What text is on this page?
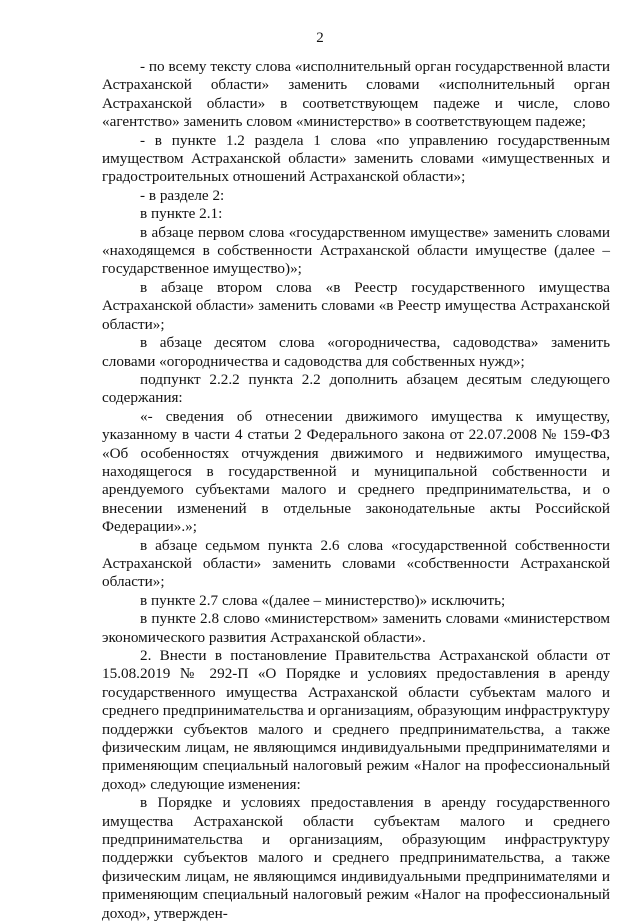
2

- по всему тексту слова «исполнительный орган государственной власти Астраханской области» заменить словами «исполнительный орган Астраханской области» в соответствующем падеже и числе, слово «агентство» заменить словом «министерство» в соответствующем падеже;

- в пункте 1.2 раздела 1 слова «по управлению государственным имуществом Астраханской области» заменить словами «имущественных и градостроительных отношений Астраханской области»;

- в разделе 2:

в пункте 2.1:

в абзаце первом слова «государственном имуществе» заменить словами «находящемся в собственности Астраханской области имуществе (далее – государственное имущество)»;

в абзаце втором слова «в Реестр государственного имущества Астраханской области» заменить словами «в Реестр имущества Астраханской области»;

в абзаце десятом слова «огородничества, садоводства» заменить словами «огородничества и садоводства для собственных нужд»;

подпункт 2.2.2 пункта 2.2 дополнить абзацем десятым следующего содержания:

«- сведения об отнесении движимого имущества к имуществу, указанному в части 4 статьи 2 Федерального закона от 22.07.2008 № 159-ФЗ «Об особенностях отчуждения движимого и недвижимого имущества, находящегося в государственной и муниципальной собственности и арендуемого субъектами малого и среднего предпринимательства, и о внесении изменений в отдельные законодательные акты Российской Федерации».»;

в абзаце седьмом пункта 2.6 слова «государственной собственности Астраханской области» заменить словами «собственности Астраханской области»;

в пункте 2.7 слова «(далее – министерство)» исключить;

в пункте 2.8 слово «министерством» заменить словами «министерством экономического развития Астраханской области».

2. Внести в постановление Правительства Астраханской области от 15.08.2019 № 292-П «О Порядке и условиях предоставления в аренду государственного имущества Астраханской области субъектам малого и среднего предпринимательства и организациям, образующим инфраструктуру поддержки субъектов малого и среднего предпринимательства, а также физическим лицам, не являющимся индивидуальными предпринимателями и применяющим специальный налоговый режим «Налог на профессиональный доход» следующие изменения:

в Порядке и условиях предоставления в аренду государственного имущества Астраханской области субъектам малого и среднего предпринимательства и организациям, образующим инфраструктуру поддержки субъектов малого и среднего предпринимательства, а также физическим лицам, не являющимся индивидуальными предпринимателями и применяющим специальный налоговый режим «Налог на профессиональный доход», утвержден-
